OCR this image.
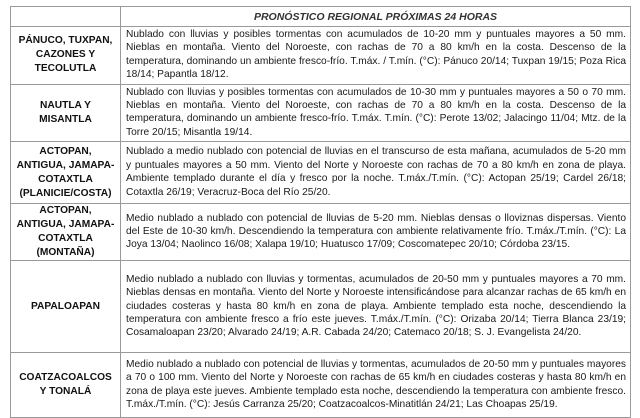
	PRONÓSTICO REGIONAL PRÓXIMAS 24 HORAS
PÁNUCO, TUXPAN, CAZONES Y TECOLUTLA	Nublado con lluvias y posibles tormentas con acumulados de 10-20 mm y puntuales mayores a 50 mm. Nieblas en montaña. Viento del Noroeste, con rachas de 70 a 80 km/h en la costa. Descenso de la temperatura, dominando un ambiente fresco-frío. T.máx. / T.mín. (°C): Pánuco 20/14; Tuxpan 19/15; Poza Rica 18/14; Papantla 18/12.
NAUTLA Y MISANTLA	Nublado con lluvias y posibles tormentas con acumulados de 10-30 mm y puntuales mayores a 50 o 70 mm. Nieblas en montaña. Viento del Noroeste, con rachas de 70 a 80 km/h en la costa. Descenso de la temperatura, dominando un ambiente fresco-frío. T.máx. T.mín. (°C): Perote 13/02; Jalacingo 11/04; Mtz. de la Torre 20/15; Misantla 19/14.
ACTOPAN, ANTIGUA, JAMAPA-COTAXTLA (PLANICIE/COSTA)	Nublado a medio nublado con potencial de lluvias en el transcurso de esta mañana, acumulados de 5-20 mm y puntuales mayores a 50 mm. Viento del Norte y Noroeste con rachas de 70 a 80 km/h en zona de playa. Ambiente templado durante el día y fresco por la noche. T.máx./T.mín. (°C): Actopan 25/19; Cardel 26/18; Cotaxtla 26/19; Veracruz-Boca del Río 25/20.
ACTOPAN, ANTIGUA, JAMAPA-COTAXTLA (MONTAÑA)	Medio nublado a nublado con potencial de lluvias de 5-20 mm. Nieblas densas o lloviznas dispersas. Viento del Este de 10-30 km/h. Descendiendo la temperatura con ambiente relativamente frío. T.máx./T.mín. (°C): La Joya 13/04; Naolinco 16/08; Xalapa 19/10; Huatusco 17/09; Coscomatepec 20/10; Córdoba 23/15.
PAPALOAPAN	Medio nublado a nublado con lluvias y tormentas, acumulados de 20-50 mm y puntuales mayores a 70 mm. Nieblas densas en montaña. Viento del Norte y Noroeste intensificándose para alcanzar rachas de 65 km/h en ciudades costeras y hasta 80 km/h en zona de playa. Ambiente templado esta noche, descendiendo la temperatura con ambiente fresco a frío este jueves. T.máx./T.mín. (°C): Orizaba 20/14; Tierra Blanca 23/19; Cosamaloapan 23/20; Alvarado 24/19; A.R. Cabada 24/20; Catemaco 20/18; S. J. Evangelista 24/20.
COATZACOALCOS Y TONALÁ	Medio nublado a nublado con potencial de lluvias y tormentas, acumulados de 20-50 mm y puntuales mayores a 70 o 100 mm. Viento del Norte y Noroeste con rachas de 65 km/h en ciudades costeras y hasta 80 km/h en zona de playa este jueves. Ambiente templado esta noche, descendiendo la temperatura con ambiente fresco. T.máx./T.mín. (°C): Jesús Carranza 25/20; Coatzacoalcos-Minatitlán 24/21; Las Choapas 25/19.
